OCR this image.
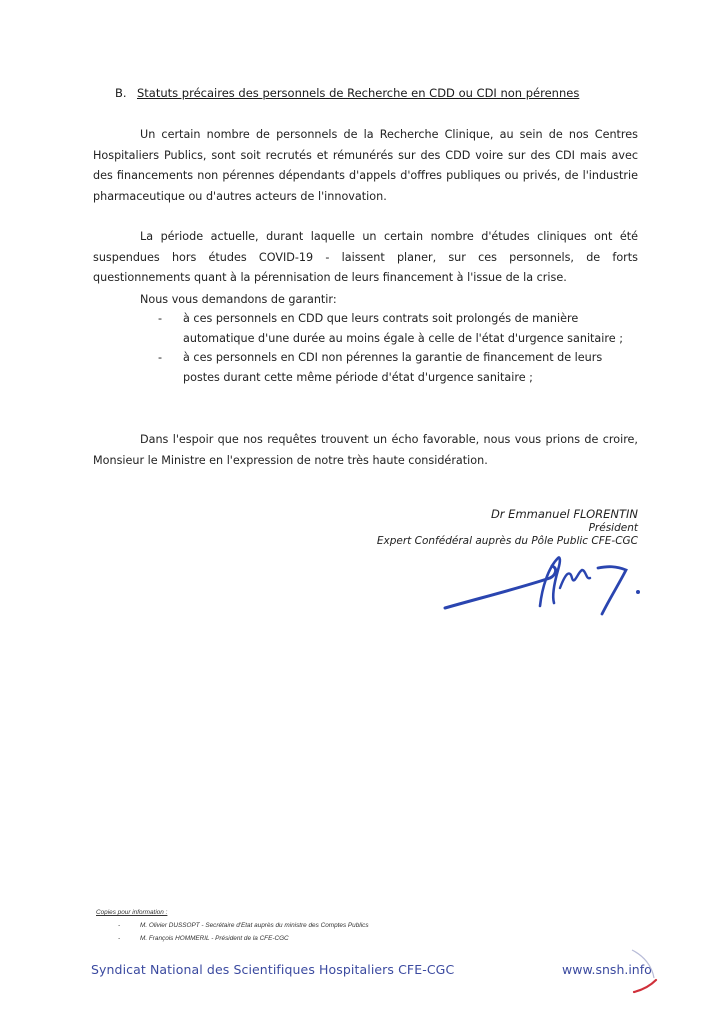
B. Statuts précaires des personnels de Recherche en CDD ou CDI non pérennes

Un certain nombre de personnels de la Recherche Clinique, au sein de nos Centres Hospitaliers Publics, sont soit recrutés et rémunérés sur des CDD voire sur des CDI mais avec des financements non pérennes dépendants d'appels d'offres publiques ou privés, de l'industrie pharmaceutique ou d'autres acteurs de l'innovation.

La période actuelle, durant laquelle un certain nombre d'études cliniques ont été suspendues hors études COVID-19 - laissent planer, sur ces personnels, de forts questionnements quant à la pérennisation de leurs financement à l'issue de la crise.

Nous vous demandons de garantir:

- à ces personnels en CDD que leurs contrats soit prolongés de manière automatique d'une durée au moins égale à celle de l'état d'urgence sanitaire ;
- à ces personnels en CDI non pérennes la garantie de financement de leurs postes durant cette même période d'état d'urgence sanitaire ;

Dans l'espoir que nos requêtes trouvent un écho favorable, nous vous prions de croire, Monsieur le Ministre en l'expression de notre très haute considération.

Dr Emmanuel FLORENTIN
Président
Expert Confédéral auprès du Pôle Public CFE-CGC
Copies pour information :
-	M. Olivier DUSSOPT - Secrétaire d'Etat auprès du ministre des Comptes Publics
-	M. François HOMMERIL - Président de la CFE-CGC
Syndicat National des Scientifiques Hospitaliers CFE-CGC	www.snsh.info
